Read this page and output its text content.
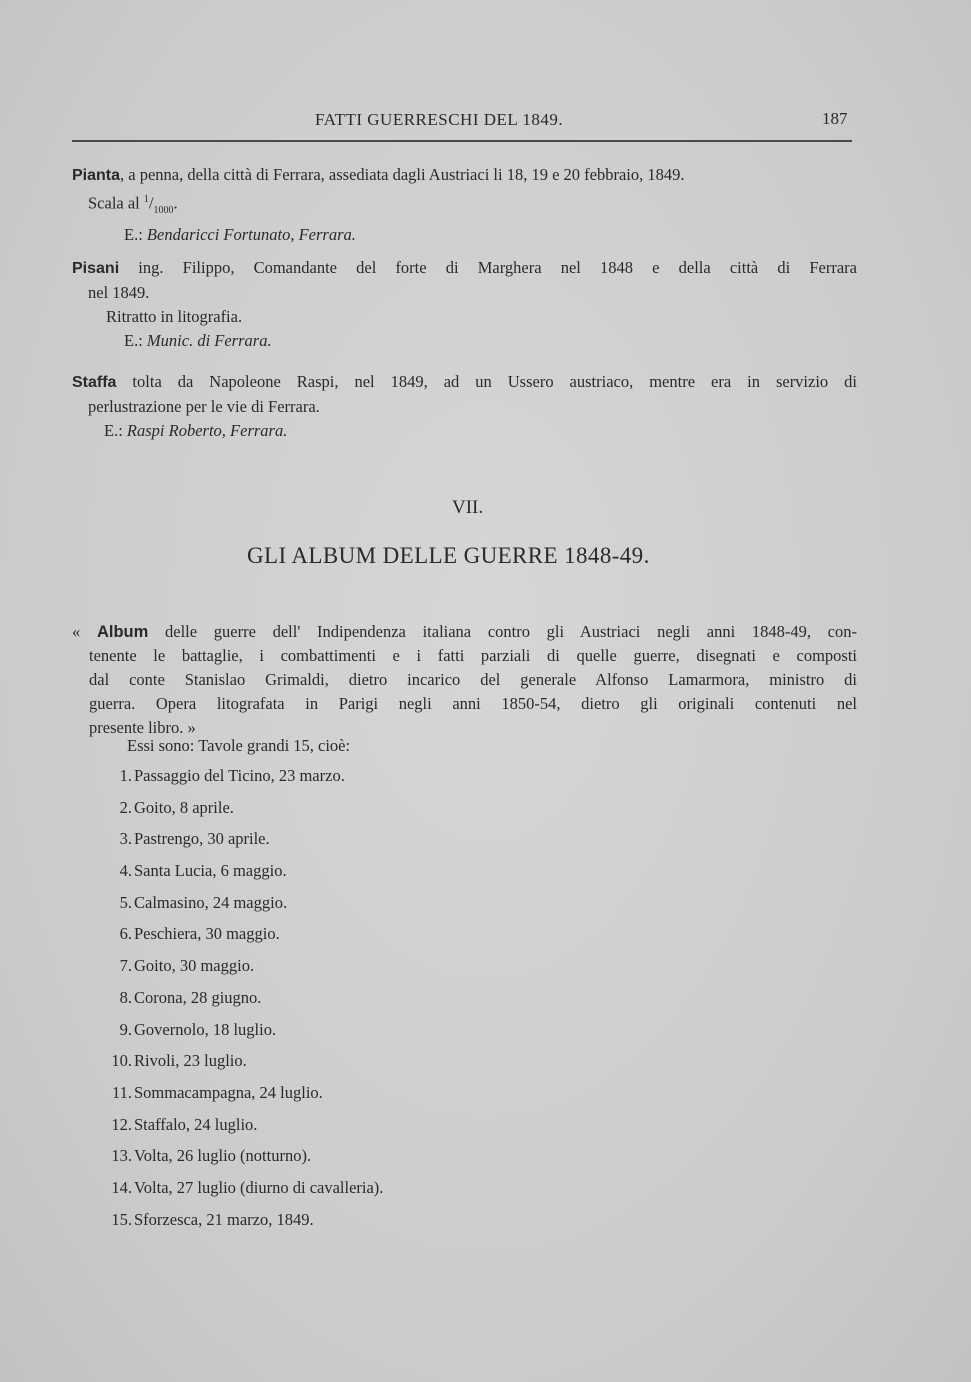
FATTI GUERRESCHI DEL 1849.	187
Pianta, a penna, della città di Ferrara, assediata dagli Austriaci li 18, 19 e 20 febbraio, 1849.
Scala al $^1/_{1000}$.
E.: Bendaricci Fortunato, Ferrara.
Pisani ing. Filippo, Comandante del forte di Marghera nel 1848 e della città di Ferrara
nel 1849.
Ritratto in litografia.
E.: Munic. di Ferrara.
Staffa tolta da Napoleone Raspi, nel 1849, ad un Ussero austriaco, mentre era in servizio di
perlustrazione per le vie di Ferrara.
E.: Raspi Roberto, Ferrara.
VII.
GLI ALBUM DELLE GUERRE 1848-49.
« Album delle guerre dell' Indipendenza italiana contro gli Austriaci negli anni 1848-49, con-
tenente le battaglie, i combattimenti e i fatti parziali di quelle guerre, disegnati e composti
dal conte Stanislao Grimaldi, dietro incarico del generale Alfonso Lamarmora, ministro di
guerra. Opera litografata in Parigi negli anni 1850-54, dietro gli originali contenuti nel
presente libro. »
Essi sono: Tavole grandi 15, cioè:
1. Passaggio del Ticino, 23 marzo.
2. Goito, 8 aprile.
3. Pastrengo, 30 aprile.
4. Santa Lucia, 6 maggio.
5. Calmasino, 24 maggio.
6. Peschiera, 30 maggio.
7. Goito, 30 maggio.
8. Corona, 28 giugno.
9. Governolo, 18 luglio.
10. Rivoli, 23 luglio.
11. Sommacampagna, 24 luglio.
12. Staffalo, 24 luglio.
13. Volta, 26 luglio (notturno).
14. Volta, 27 luglio (diurno di cavalleria).
15. Sforzesca, 21 marzo, 1849.
